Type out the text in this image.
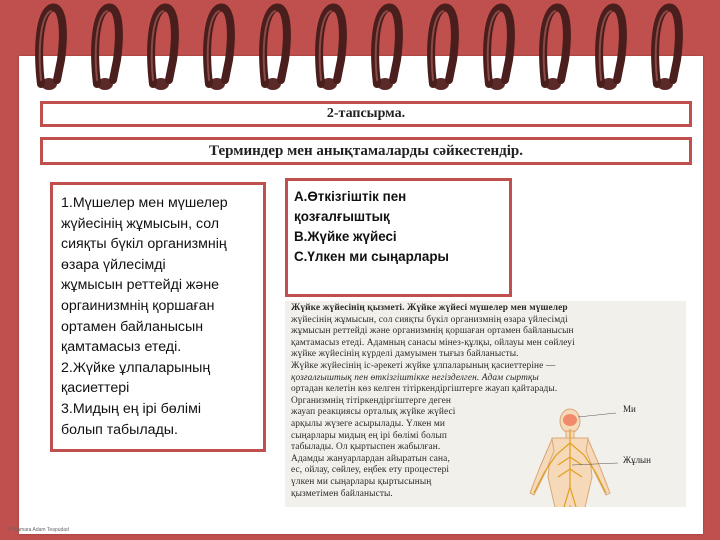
2-тапсырма.
Терминдер мен анықтамаларды сәйкестендір.
1.Мүшелер мен мүшелер
жүйесінің жұмысын, сол
сияқты бүкіл организмнің
өзара үйлесімді
жұмысын реттейді және
оргаинизмнің қоршаған
ортамен байланысын
қамтамасыз етеді.
2.Жүйке ұлпаларының
қасиеттері
3.Мидың ең ірі бөлімі
болып табылады.
А.Өткізгіштік пен
қозғалғыштық
В.Жүйке жүйесі
С.Үлкен ми сыңарлары
Жүйке жүйесінің қызметі. Жүйке жүйесі мүшелер мен мүшелер
жүйесінің жұмысын, сол сияқты бүкіл организмнің өзара үйлесімді
жұмысын реттейді және организмнің қоршаған ортамен байланысын
қамтамасыз етеді. Адамның санасы мінез-құлқы, ойлауы мен сөйлеуі
жүйке жүйесінің күрделі дамуымен тығыз байланысты.
Жүйке жүйесінің іс-әрекеті жүйке ұлпаларының қасиеттеріне —
қозғалғыштық пен өткізгіштікке негізделген. Адам сыртқы
ортадан келетін көз келген тітіркендіргіштерге жауап қайтарады.
Организмнің тітіркендіргіштерге деген
жауап реакциясы орталық жүйке жүйесі
арқылы жүзеге асырылады. Үлкен ми
сыңарлары мидың ең ірі бөлімі болып
табылады. Ол қыртыспен жабылған.
Адамды жануарлардан айыратын сана,
ес, ойлау, сөйлеу, еңбек ету процестері
үлкен ми сыңарлары қыртысының
қызметімен байланысты.
Ми
Жұлын
© Alamara Adam Teapudad
